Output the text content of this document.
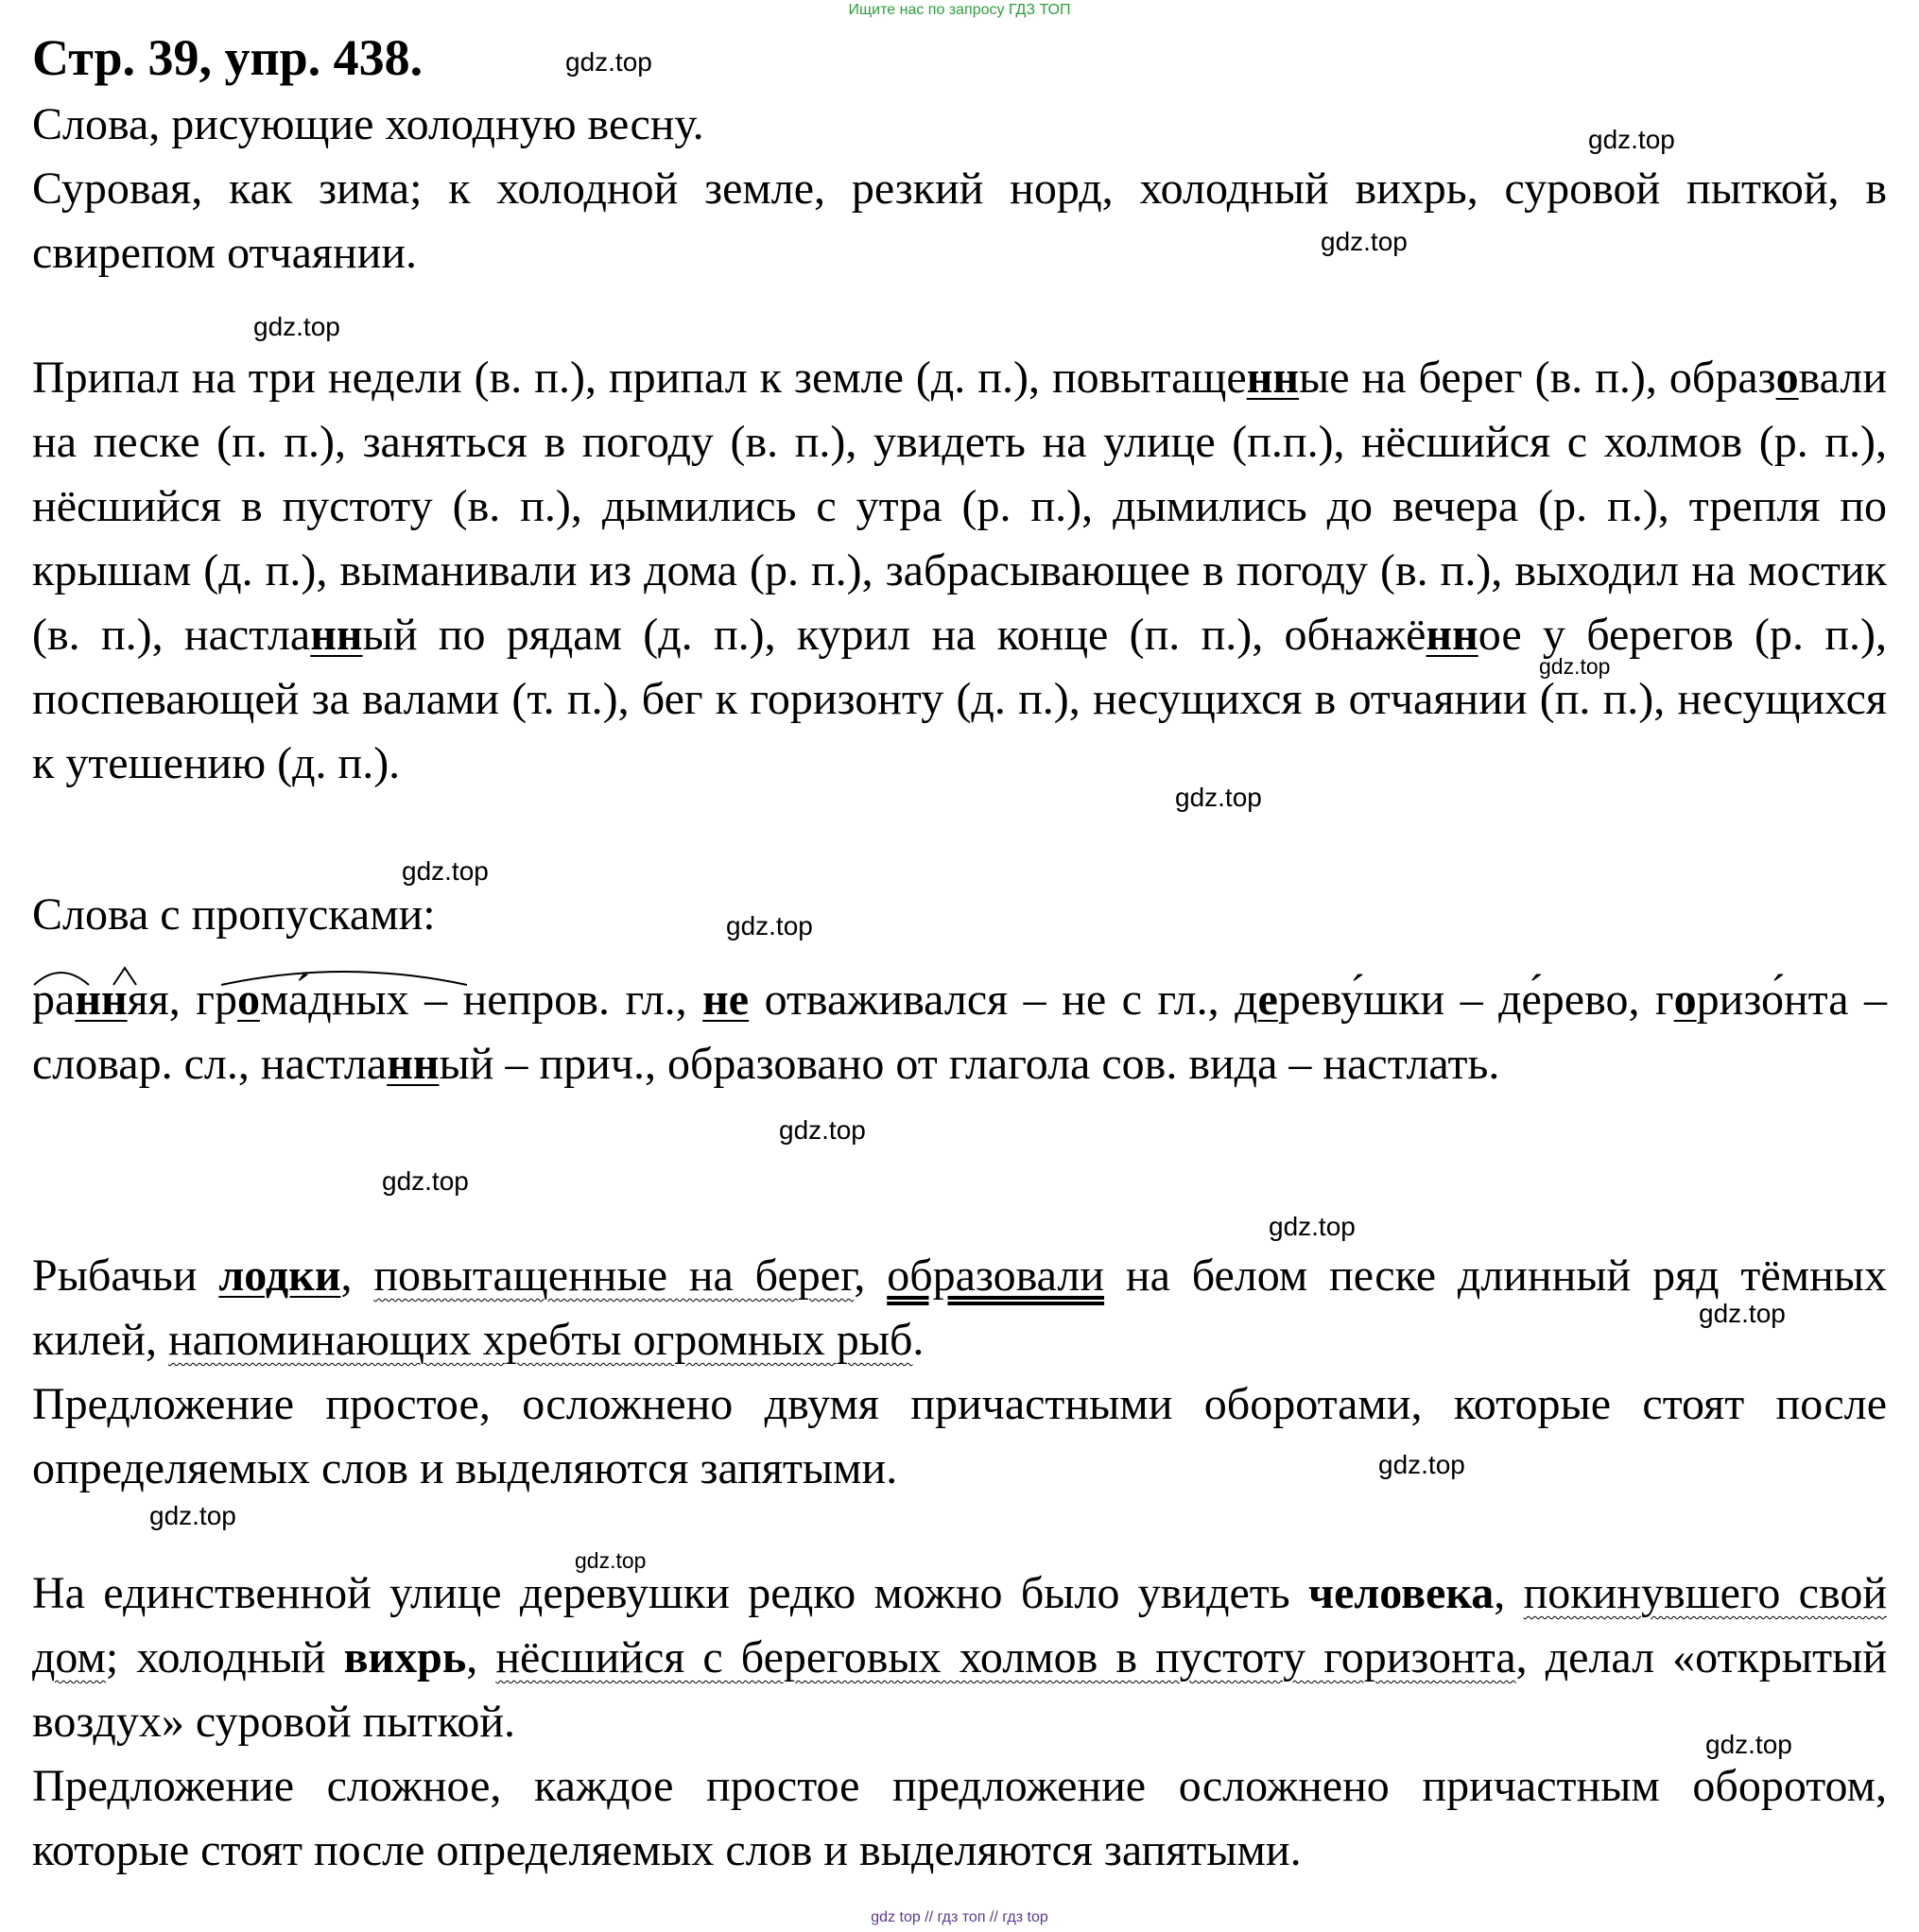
Ищите нас по запросу ГДЗ ТОП
Стр. 39, упр. 438.	gdz.top
gdz.top
gdz.top
gdz.top
gdz.top
gdz.top
gdz.top
gdz.top
gdz.top
gdz.top
gdz.top
gdz.top
gdz.top
gdz.top
gdz.top
gdz.top
Слова, рисующие холодную весну.
Суровая, как зима; к холодной земле, резкий норд, холодный вихрь, суровой пыткой, в свирепом отчаянии.
Припал на три недели (в. п.), припал к земле (д. п.), повытащенные на берег (в. п.), образовали на песке (п. п.), заняться в погоду (в. п.), увидеть на улице (п.п.), нёсшийся с холмов (р. п.), нёсшийся в пустоту (в. п.), дымились с утра (р. п.), дымились до вечера (р. п.), трепля по крышам (д. п.), выманивали из дома (р. п.), забрасывающее в погоду (в. п.), выходил на мостик (в. п.), настланный по рядам (д. п.), курил на конце (п. п.), обнажённое у берегов (р. п.), поспевающей за валами (т. п.), бег к горизонту (д. п.), несущихся в отчаянии (п. п.), несущихся к утешению (д. п.).
Слова с пропусками:
ранняя, грома́дных – непров. гл., не отваживался – не с гл., дереву́шки – де́рево, горизо́нта – словар. сл., настланный – прич., образовано от глагола сов. вида – настлать.
Рыбачьи лодки, повытащенные на берег, образовали на белом песке длинный ряд тёмных килей, напоминающих хребты огромных рыб.
Предложение простое, осложнено двумя причастными оборотами, которые стоят после определяемых слов и выделяются запятыми.
На единственной улице деревушки редко можно было увидеть человека, покинувшего свой дом; холодный вихрь, нёсшийся с береговых холмов в пустоту горизонта, делал «открытый воздух» суровой пыткой.
Предложение сложное, каждое простое предложение осложнено причастным оборотом, которые стоят после определяемых слов и выделяются запятыми.
gdz top // гдз топ // гдз top
